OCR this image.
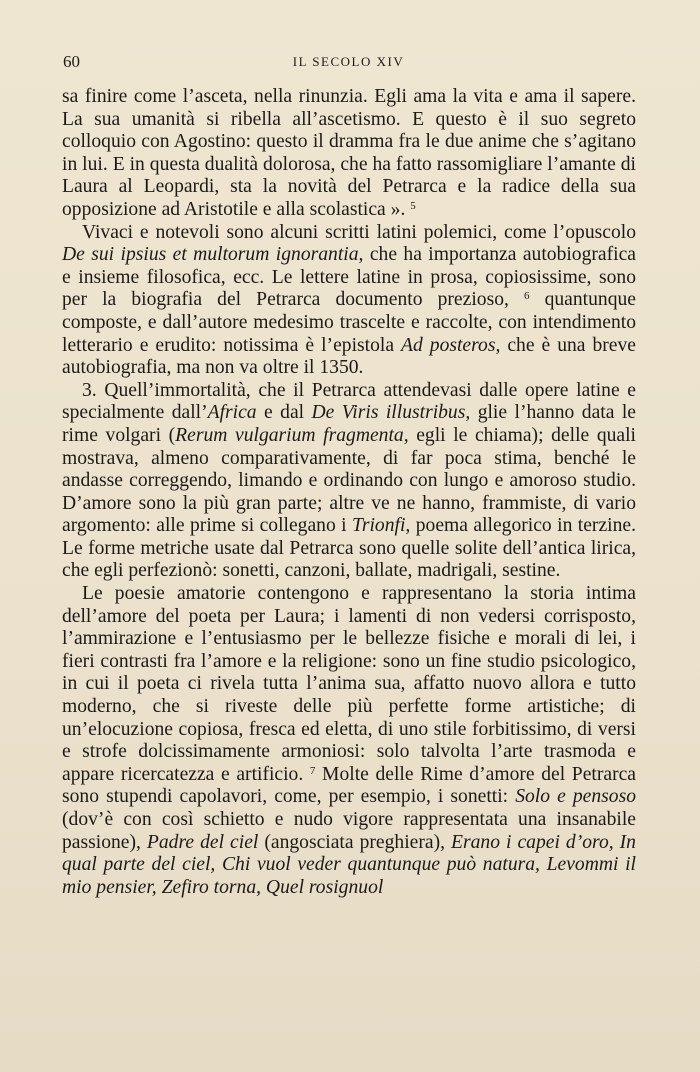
60	IL SECOLO XIV

sa finire come l’asceta, nella rinunzia. Egli ama la vita e ama il sapere. La sua umanità si ribella all’ascetismo. E questo è il suo segreto colloquio con Agostino: questo il dramma fra le due anime che s’agitano in lui. E in questa dualità dolorosa, che ha fatto rassomigliare l’amante di Laura al Leopardi, sta la novità del Petrarca e la radice della sua opposizione ad Aristotile e alla scolastica ». $^5$

Vivaci e notevoli sono alcuni scritti latini polemici, come l’opuscolo De sui ipsius et multorum ignorantia, che ha importanza autobiografica e insieme filosofica, ecc. Le lettere latine in prosa, copiosissime, sono per la biografia del Petrarca documento prezioso, $^6$ quantunque composte, e dall’autore medesimo trascelte e raccolte, con intendimento letterario e erudito: notissima è l’epistola Ad posteros, che è una breve autobiografia, ma non va oltre il 1350.

3. Quell’immortalità, che il Petrarca attendevasi dalle opere latine e specialmente dall’Africa e dal De Viris illustribus, glie l’hanno data le rime volgari (Rerum vulgarium fragmenta, egli le chiama); delle quali mostrava, almeno comparativamente, di far poca stima, benché le andasse correggendo, limando e ordinando con lungo e amoroso studio. D’amore sono la più gran parte; altre ve ne hanno, frammiste, di vario argomento: alle prime si collegano i Trionfi, poema allegorico in terzine. Le forme metriche usate dal Petrarca sono quelle solite dell’antica lirica, che egli perfezionò: sonetti, canzoni, ballate, madrigali, sestine.

Le poesie amatorie contengono e rappresentano la storia intima dell’amore del poeta per Laura; i lamenti di non vedersi corrisposto, l’ammirazione e l’entusiasmo per le bellezze fisiche e morali di lei, i fieri contrasti fra l’amore e la religione: sono un fine studio psicologico, in cui il poeta ci rivela tutta l’anima sua, affatto nuovo allora e tutto moderno, che si riveste delle più perfette forme artistiche; di un’elocuzione copiosa, fresca ed eletta, di uno stile forbitissimo, di versi e strofe dolcissimamente armoniosi: solo talvolta l’arte trasmoda e appare ricercatezza e artificio. $^7$ Molte delle Rime d’amore del Petrarca sono stupendi capolavori, come, per esempio, i sonetti: Solo e pensoso (dov’è con così schietto e nudo vigore rappresentata una insanabile passione), Padre del ciel (angosciata preghiera), Erano i capei d’oro, In qual parte del ciel, Chi vuol veder quantunque può natura, Levommi il mio pensier, Zefiro torna, Quel rosignuol
